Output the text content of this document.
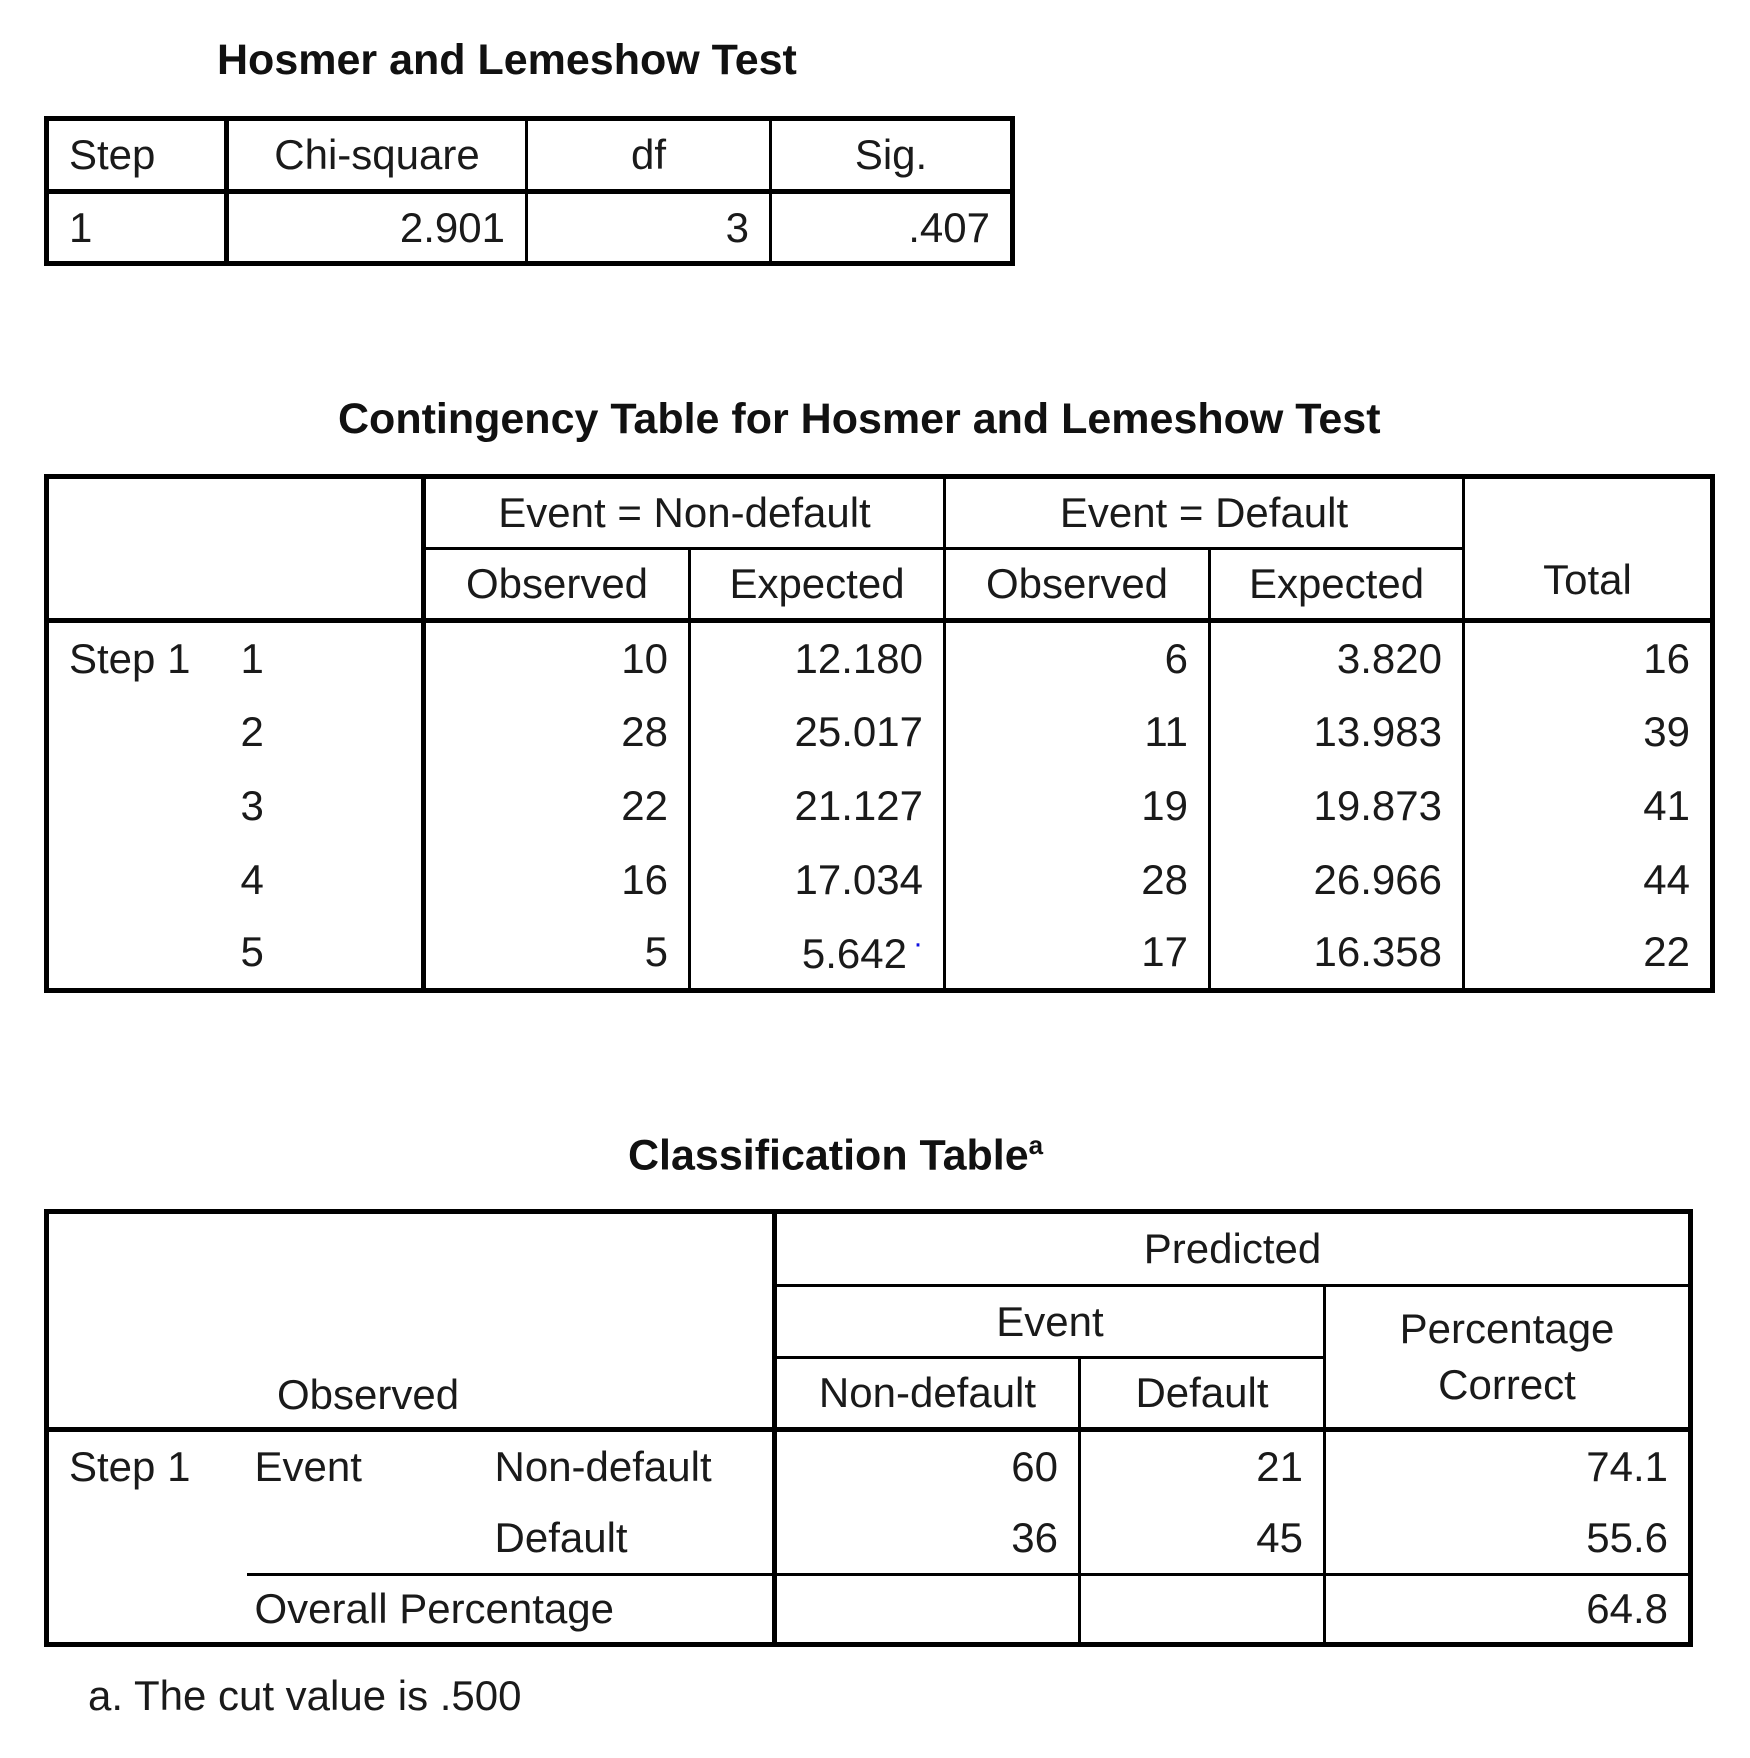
Hosmer and Lemeshow Test
Step	Chi-square	df	Sig.
1	2.901	3	.407
Contingency Table for Hosmer and Lemeshow Test
		Event = Non-default		Event = Default		Total
		Observed	Expected	Observed	Expected	
Step 1	1	10	12.180	6	3.820	16
	2	28	25.017	11	13.983	39
	3	22	21.127	19	19.873	41
	4	16	17.034	28	26.966	44
	5	5	5.642 ·	17	16.358	22
Classification Table$^a$
Observed			Predicted		
			Event		Percentage
Correct

			Non-default	Default	
Step 1	Event	Non-default	60	21	74.1
		Default	36	45	55.6
	Overall Percentage				64.8
a. The cut value is .500
